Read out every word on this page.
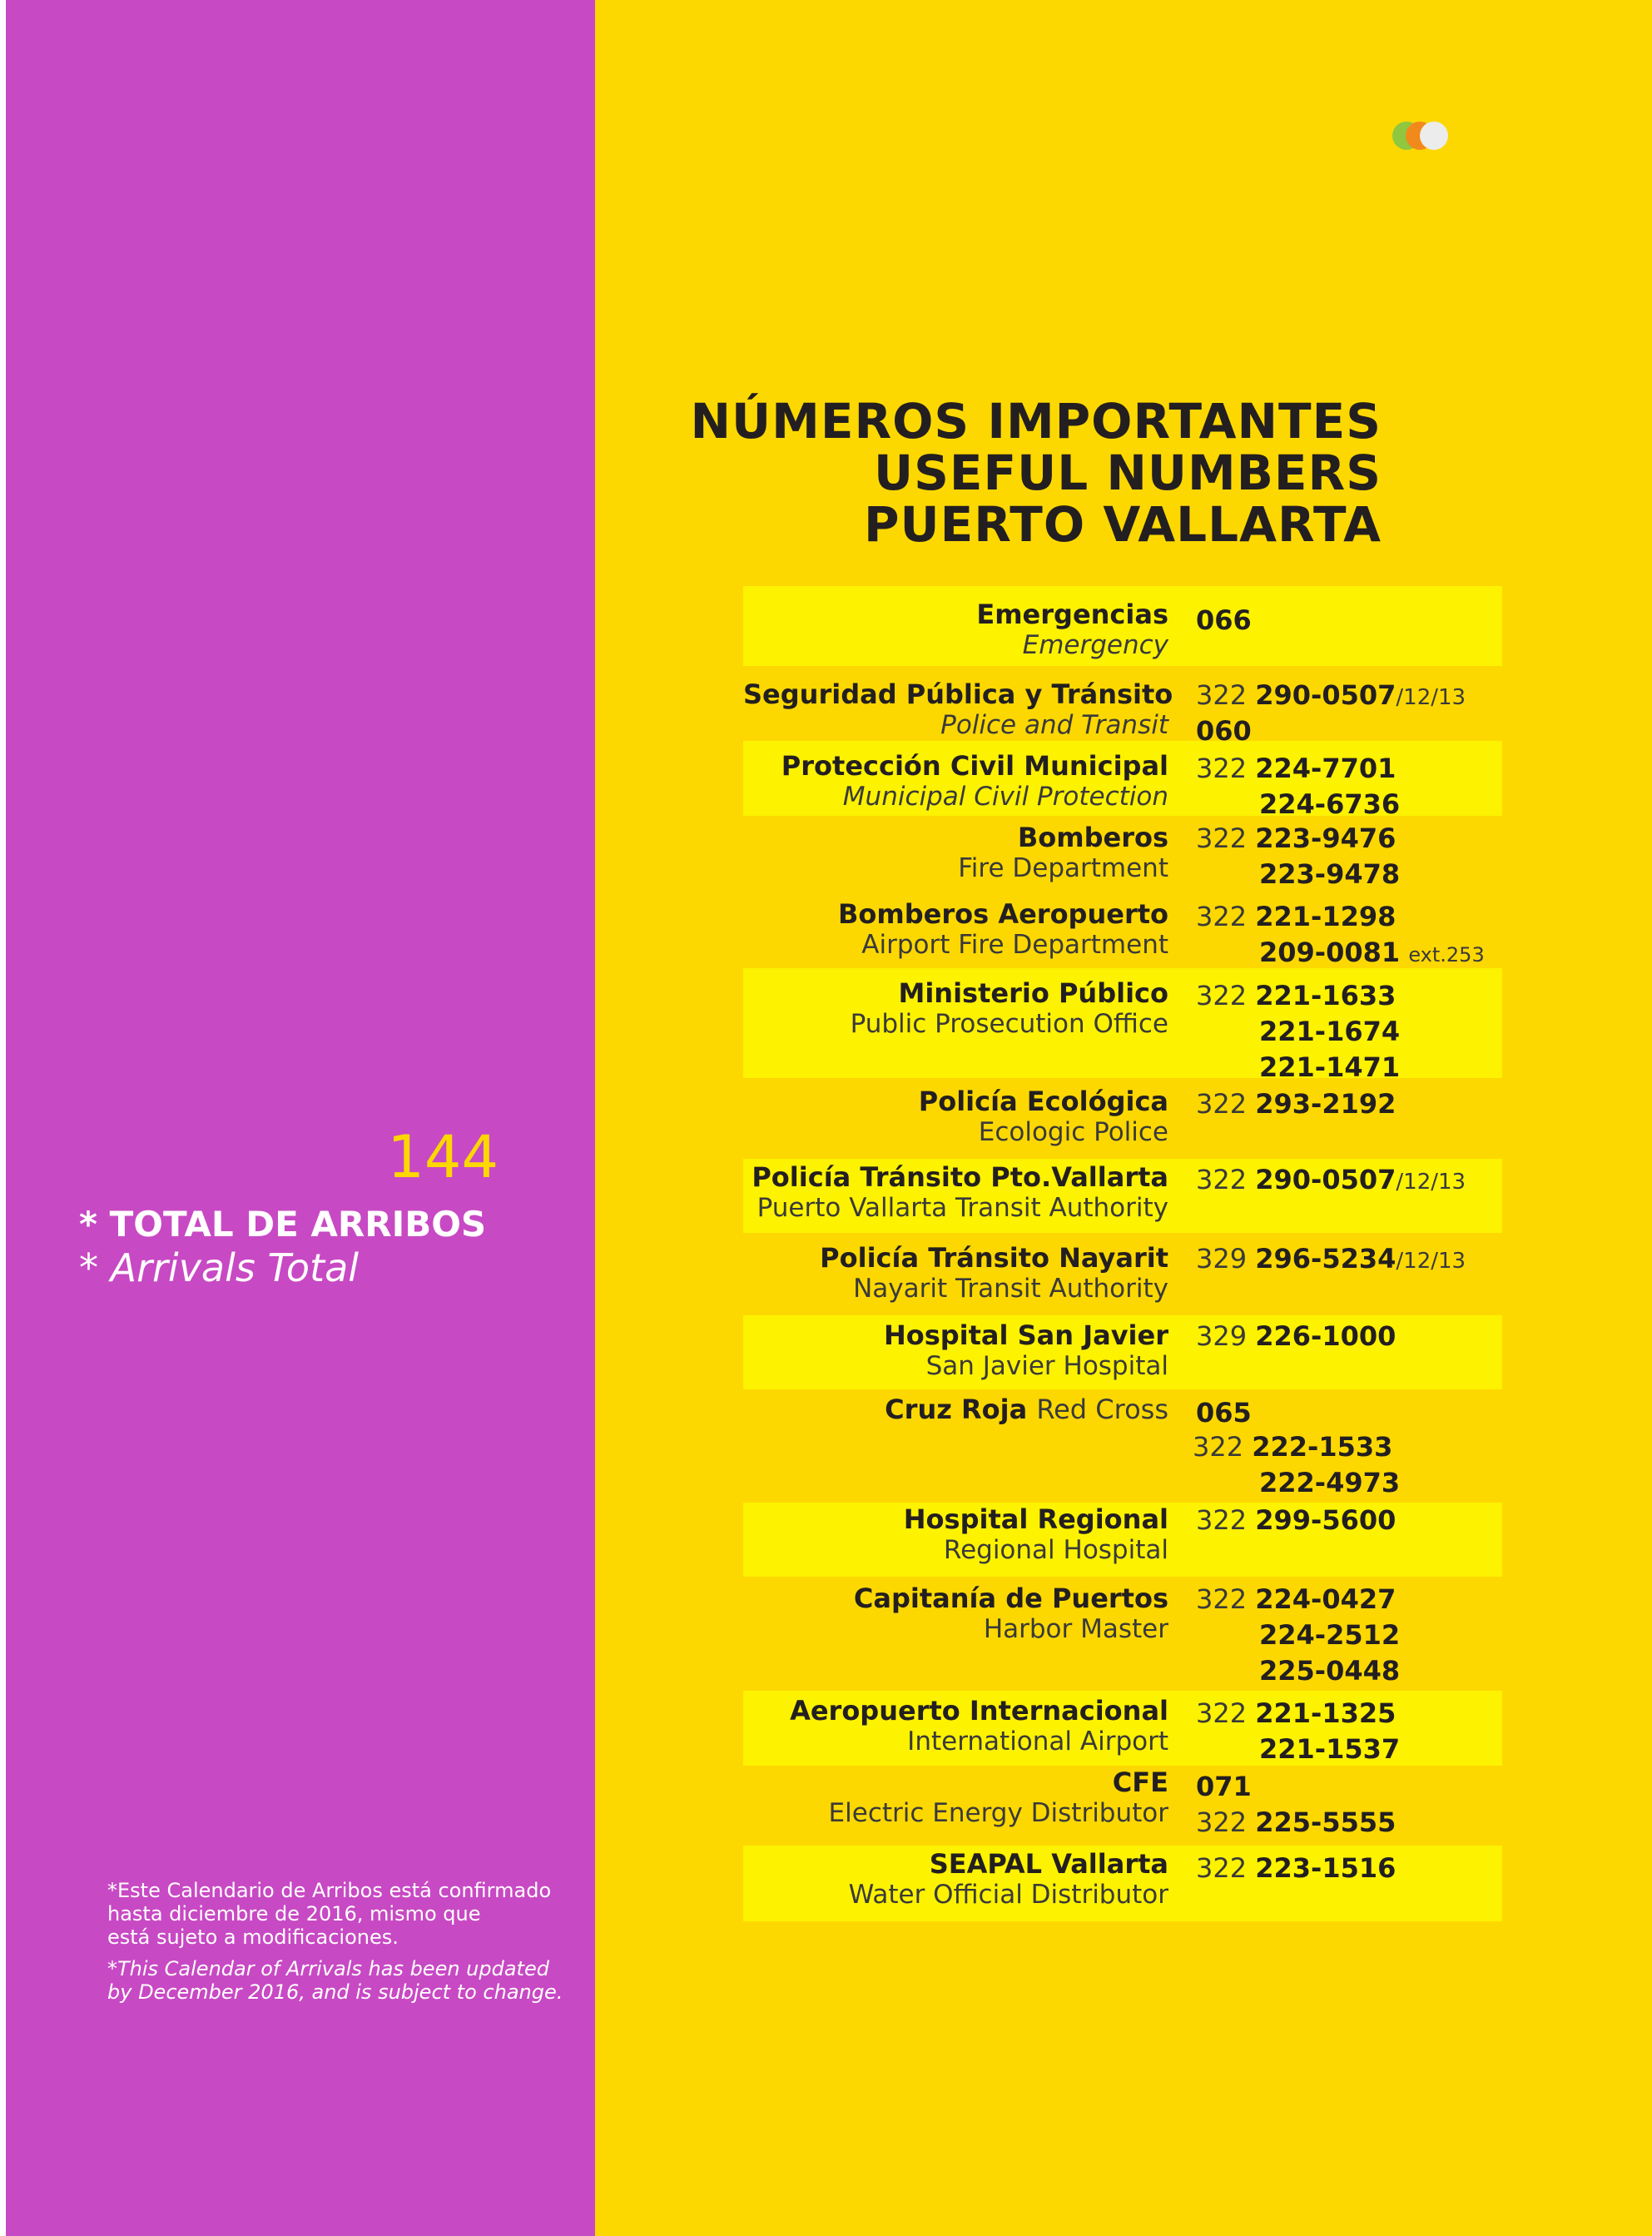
NÚMEROS IMPORTANTES
USEFUL NUMBERS
PUERTO VALLARTA
144
* TOTAL DE ARRIBOS
* Arrivals Total
*Este Calendario de Arribos está confirmado
hasta diciembre de 2016, mismo que
está sujeto a modificaciones.
*This Calendar of Arrivals has been updated
by December 2016, and is subject to change.
Emergencias
Emergency
066
Seguridad Pública y Tránsito
Police and Transit
322 290-0507/12/13
060
Protección Civil Municipal
Municipal Civil Protection
322 224-7701
224-6736
Bomberos
Fire Department
322 223-9476
223-9478
Bomberos Aeropuerto
Airport Fire Department
322 221-1298
209-0081 ext.253
Ministerio Público
Public Prosecution Office
322 221-1633
221-1674
221-1471
Policía Ecológica
Ecologic Police
322 293-2192
Policía Tránsito Pto.Vallarta
Puerto Vallarta Transit Authority
322 290-0507/12/13
Policía Tránsito Nayarit
Nayarit Transit Authority
329 296-5234/12/13
Hospital San Javier
San Javier Hospital
329 226-1000
Cruz Roja Red Cross 065
322 222-1533
222-4973
Hospital Regional
Regional Hospital
322 299-5600
Capitanía de Puertos
Harbor Master
322 224-0427
224-2512
225-0448
Aeropuerto Internacional
International Airport
322 221-1325
221-1537
CFE
Electric Energy Distributor
071
322 225-5555
SEAPAL Vallarta
Water Official Distributor
322 223-1516
